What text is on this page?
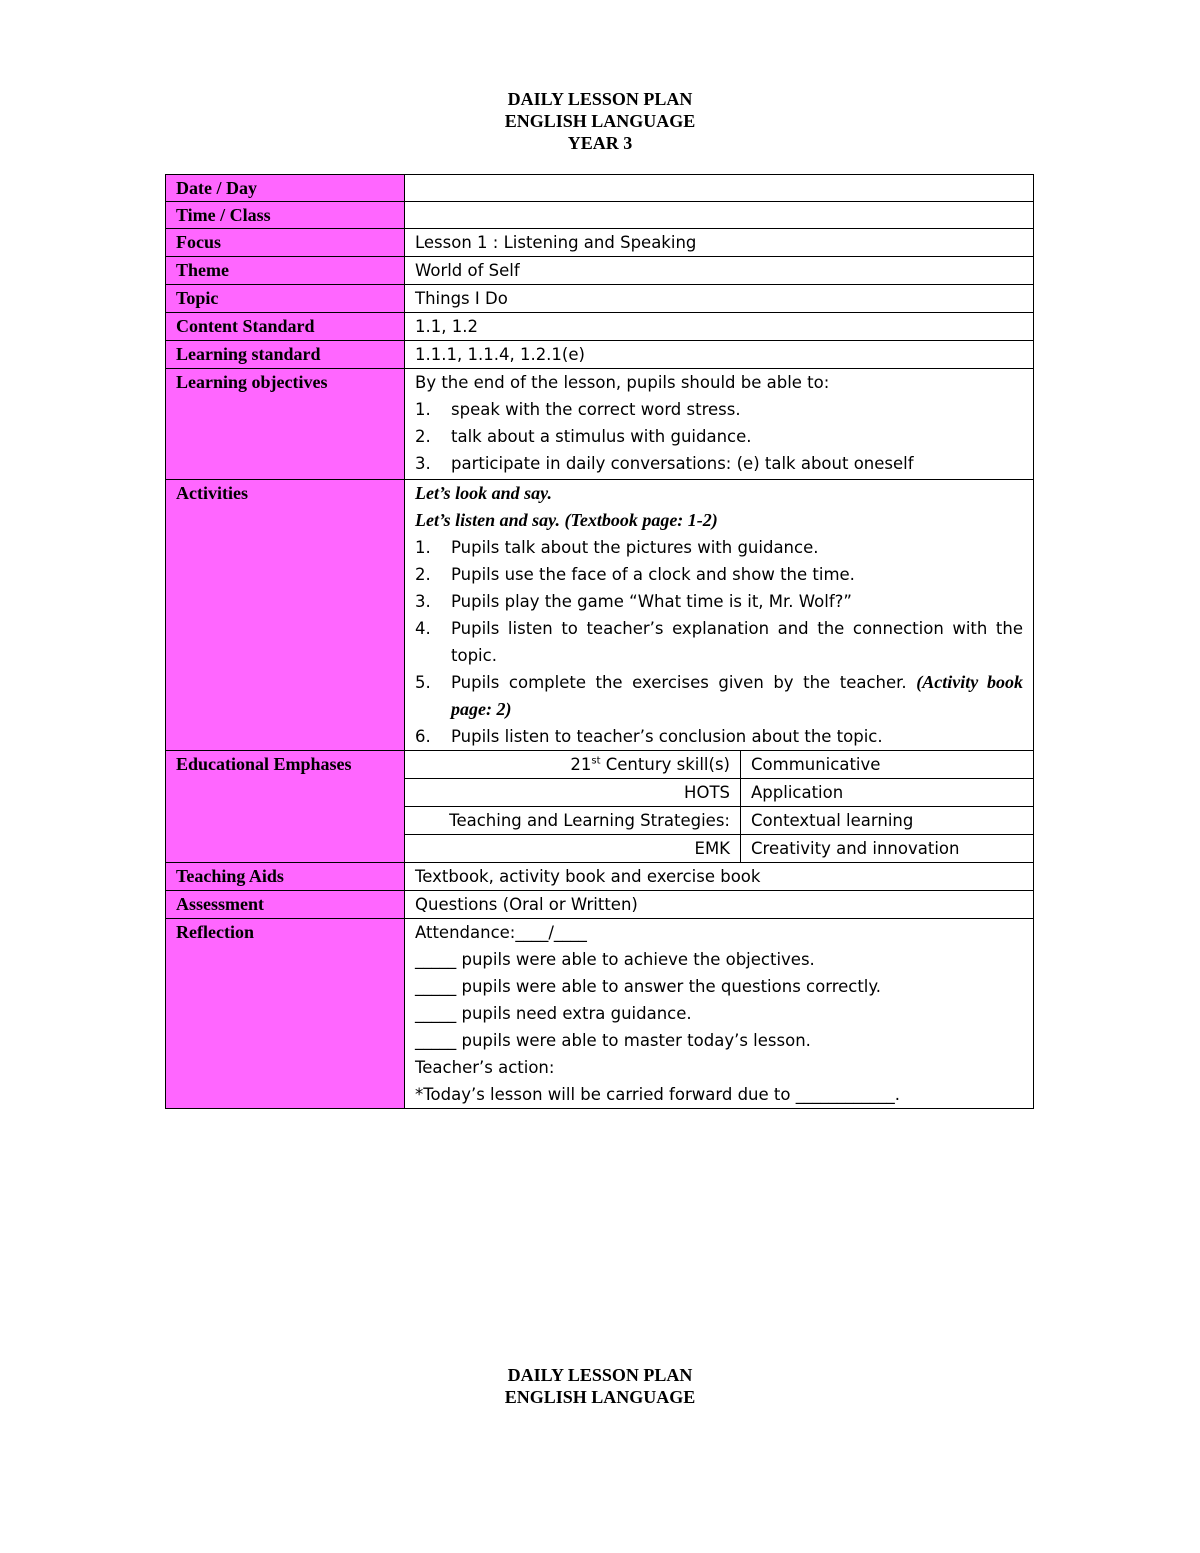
DAILY LESSON PLAN
ENGLISH LANGUAGE
YEAR 3
Date / Day	
Time / Class	
Focus	Lesson 1 : Listening and Speaking
Theme	World of Self
Topic	Things I Do
Content Standard	1.1, 1.2
Learning standard	1.1.1, 1.1.4, 1.2.1(e)
Learning objectives	By the end of the lesson, pupils should be able to:
1. speak with the correct word stress.
2. talk about a stimulus with guidance.
3. participate in daily conversations: (e) talk about oneself

Activities	Let’s look and say.
Let’s listen and say. (Textbook page: 1-2)
1. Pupils talk about the pictures with guidance.
2. Pupils use the face of a clock and show the time.
3. Pupils play the game “What time is it, Mr. Wolf?”
4. Pupils listen to teacher’s explanation and the connection with the topic.
5. Pupils complete the exercises given by the teacher. (Activity book page: 2)
6. Pupils listen to teacher’s conclusion about the topic.

Educational Emphases		21st Century skill(s)	Communicative
HOTS	Application
Teaching and Learning Strategies:	Contextual learning
EMK	Creativity and innovation

Teaching Aids	Textbook, activity book and exercise book
Assessment	Questions (Oral or Written)
Reflection	Attendance:____/____
_____ pupils were able to achieve the objectives.
_____ pupils were able to answer the questions correctly.
_____ pupils need extra guidance.
_____ pupils were able to master today’s lesson.
Teacher’s action:
*Today’s lesson will be carried forward due to ____________.
DAILY LESSON PLAN
ENGLISH LANGUAGE
